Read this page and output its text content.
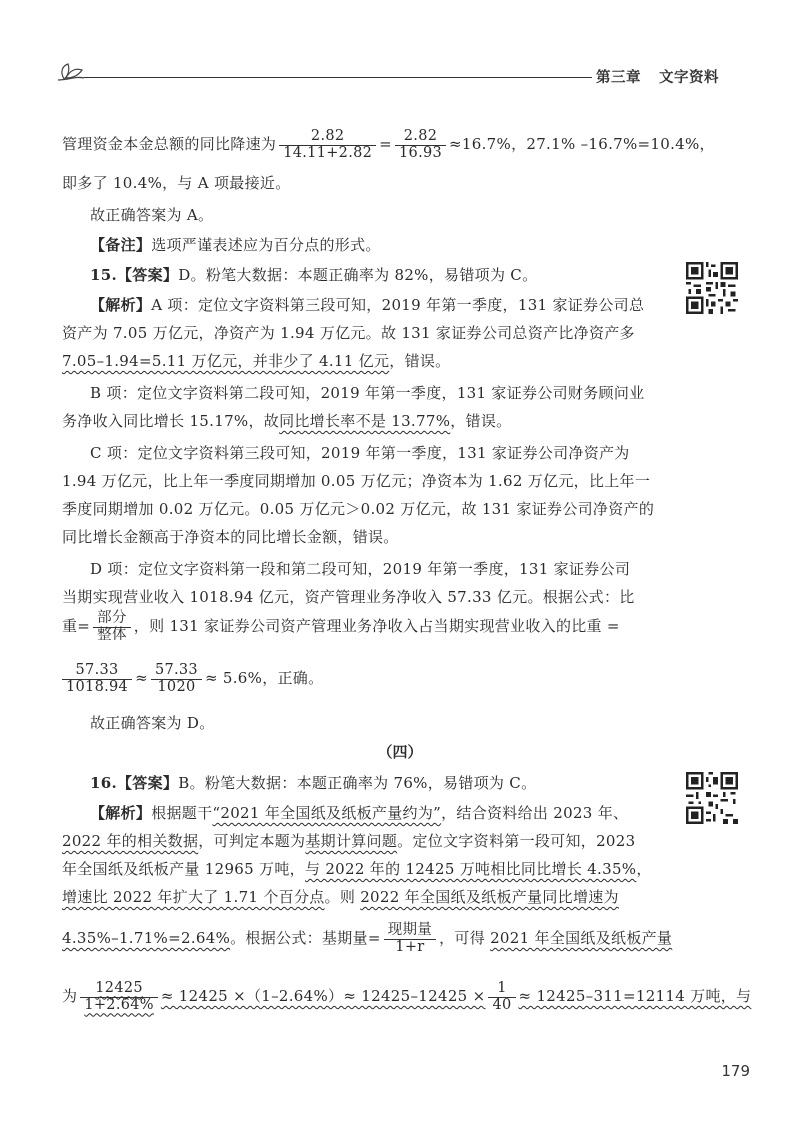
第三章 文字资料
管理资金本金总额的同比降速为 $\frac{2.82}{14.11+2.82} = \frac{2.82}{16.93} \approx 16.7\%$，27.1% –16.7%=10.4%，
即多了 10.4%，与 A 项最接近。
故正确答案为 A。
【备注】选项严谨表述应为百分点的形式。
15.【答案】D。粉笔大数据：本题正确率为 82%，易错项为 C。
【解析】A 项：定位文字资料第三段可知，2019 年第一季度，131 家证券公司总
资产为 7.05 万亿元，净资产为 1.94 万亿元。故 131 家证券公司总资产比净资产多
7.05–1.94=5.11 万亿元，并非少了 4.11 亿元，错误。
B 项：定位文字资料第二段可知，2019 年第一季度，131 家证券公司财务顾问业
务净收入同比增长 15.17%，故同比增长率不是 13.77%，错误。
C 项：定位文字资料第三段可知，2019 年第一季度，131 家证券公司净资产为
1.94 万亿元，比上年一季度同期增加 0.05 万亿元；净资本为 1.62 万亿元，比上年一
季度同期增加 0.02 万亿元。0.05 万亿元＞0.02 万亿元，故 131 家证券公司净资产的
同比增长金额高于净资本的同比增长金额，错误。
D 项：定位文字资料第一段和第二段可知，2019 年第一季度，131 家证券公司
当期实现营业收入 1018.94 亿元，资产管理业务净收入 57.33 亿元。根据公式：比
重= $\frac{\text{部分}}{\text{整体}}$ ，则 131 家证券公司资产管理业务净收入占当期实现营业收入的比重 =
$\frac{57.33}{1018.94} \approx \frac{57.33}{1020} \approx 5.6\%$，正确。
故正确答案为 D。
（四）
16.【答案】B。粉笔大数据：本题正确率为 76%，易错项为 C。
【解析】根据题干“2021 年全国纸及纸板产量约为”，结合资料给出 2023 年、
2022 年的相关数据，可判定本题为基期计算问题。定位文字资料第一段可知，2023
年全国纸及纸板产量 12965 万吨，与 2022 年的 12425 万吨相比同比增长 4.35%，
增速比 2022 年扩大了 1.71 个百分点。则 2022 年全国纸及纸板产量同比增速为
4.35%–1.71%=2.64%。根据公式：基期量= $\frac{\text{现期量}}{1+r}$ ，可得 2021 年全国纸及纸板产量
为 $\frac{12425}{1+2.64\%} \approx 12425 \times(1-2.64\%)\approx 12425-12425 \times \frac{1}{40} \approx 12425-311=12114$ 万吨，与
179
